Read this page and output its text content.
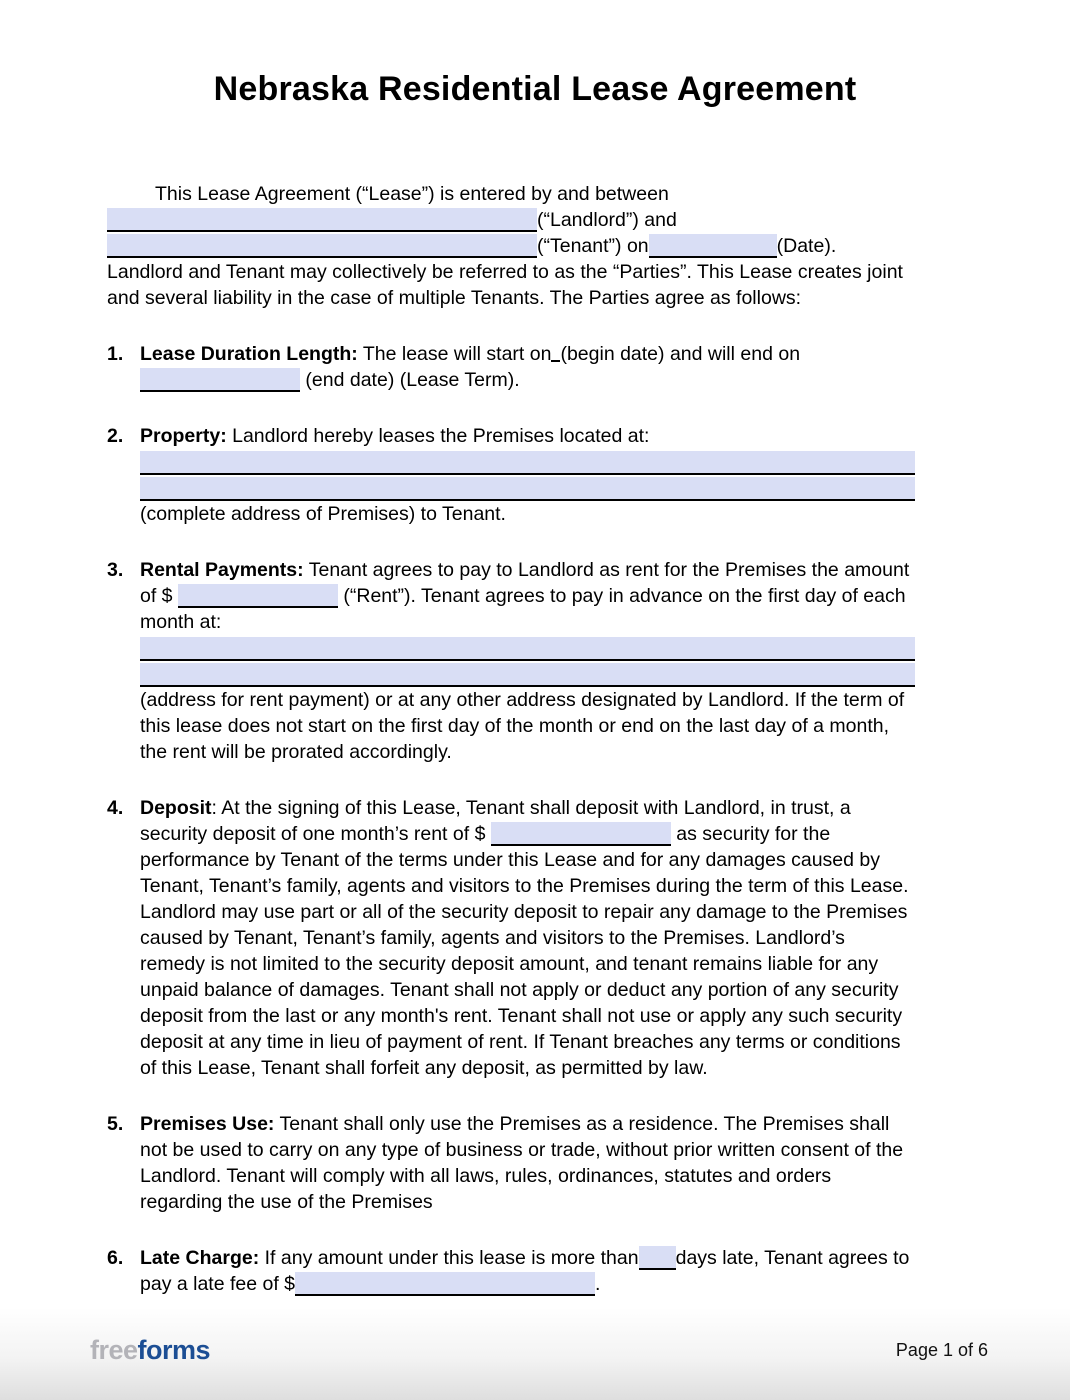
Nebraska Residential Lease Agreement
This Lease Agreement (“Lease”) is entered by and between
(“Landlord”) and
(“Tenant”) on	(Date).
Landlord and Tenant may collectively be referred to as the “Parties”. This Lease creates joint and several liability in the case of multiple Tenants. The Parties agree as follows:
1. Lease Duration Length: The lease will start on (begin date) and will end on
(end date) (Lease Term).
2. Property: Landlord hereby leases the Premises located at:
(complete address of Premises) to Tenant.
3. Rental Payments: Tenant agrees to pay to Landlord as rent for the Premises the amount of $	(“Rent”). Tenant agrees to pay in advance on the first day of each month at:
(address for rent payment) or at any other address designated by Landlord. If the term of this lease does not start on the first day of the month or end on the last day of a month, the rent will be prorated accordingly.
4. Deposit: At the signing of this Lease, Tenant shall deposit with Landlord, in trust, a security deposit of one month’s rent of $	as security for the performance by Tenant of the terms under this Lease and for any damages caused by Tenant, Tenant’s family, agents and visitors to the Premises during the term of this Lease. Landlord may use part or all of the security deposit to repair any damage to the Premises caused by Tenant, Tenant’s family, agents and visitors to the Premises. Landlord’s remedy is not limited to the security deposit amount, and tenant remains liable for any unpaid balance of damages. Tenant shall not apply or deduct any portion of any security deposit from the last or any month's rent. Tenant shall not use or apply any such security deposit at any time in lieu of payment of rent. If Tenant breaches any terms or conditions of this Lease, Tenant shall forfeit any deposit, as permitted by law.
5. Premises Use: Tenant shall only use the Premises as a residence. The Premises shall not be used to carry on any type of business or trade, without prior written consent of the Landlord. Tenant will comply with all laws, rules, ordinances, statutes and orders regarding the use of the Premises
6. Late Charge: If any amount under this lease is more than days late, Tenant agrees to pay a late fee of $	.
freeforms	Page 1 of 6
